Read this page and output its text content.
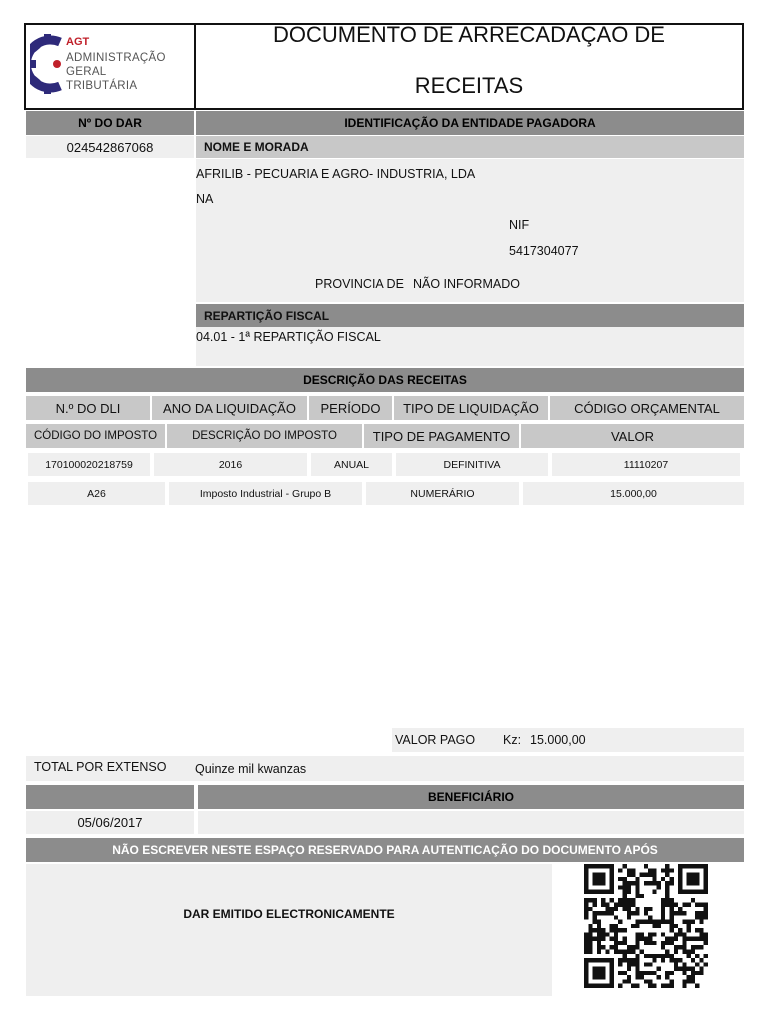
AGT
ADMINISTRAÇÃO
GERAL
TRIBUTÁRIA
DOCUMENTO DE ARRECADAÇAO DE
RECEITAS
Nº DO DAR	IDENTIFICAÇÃO DA ENTIDADE PAGADORA
024542867068	NOME E MORADA
AFRILIB - PECUARIA E AGRO- INDUSTRIA, LDA
NA
NIF
5417304077
PROVINCIA DE NÃO INFORMADO
REPARTIÇÃO FISCAL
04.01 - 1ª REPARTIÇÃO FISCAL
DESCRIÇÃO DAS RECEITAS
N.º DO DLI	ANO DA LIQUIDAÇÃO	PERÍODO	TIPO DE LIQUIDAÇÃO	CÓDIGO ORÇAMENTAL
CÓDIGO DO IMPOSTO	DESCRIÇÃO DO IMPOSTO	TIPO DE PAGAMENTO	VALOR
170100020218759	2016	ANUAL	DEFINITIVA	11110207
A26	Imposto Industrial - Grupo B	NUMERÁRIO	15.000,00
VALOR PAGO Kz: 15.000,00
TOTAL POR EXTENSO Quinze mil kwanzas
BENEFICIÁRIO
05/06/2017
NÃO ESCREVER NESTE ESPAÇO RESERVADO PARA AUTENTICAÇÃO DO DOCUMENTO APÓS
DAR EMITIDO ELECTRONICAMENTE
